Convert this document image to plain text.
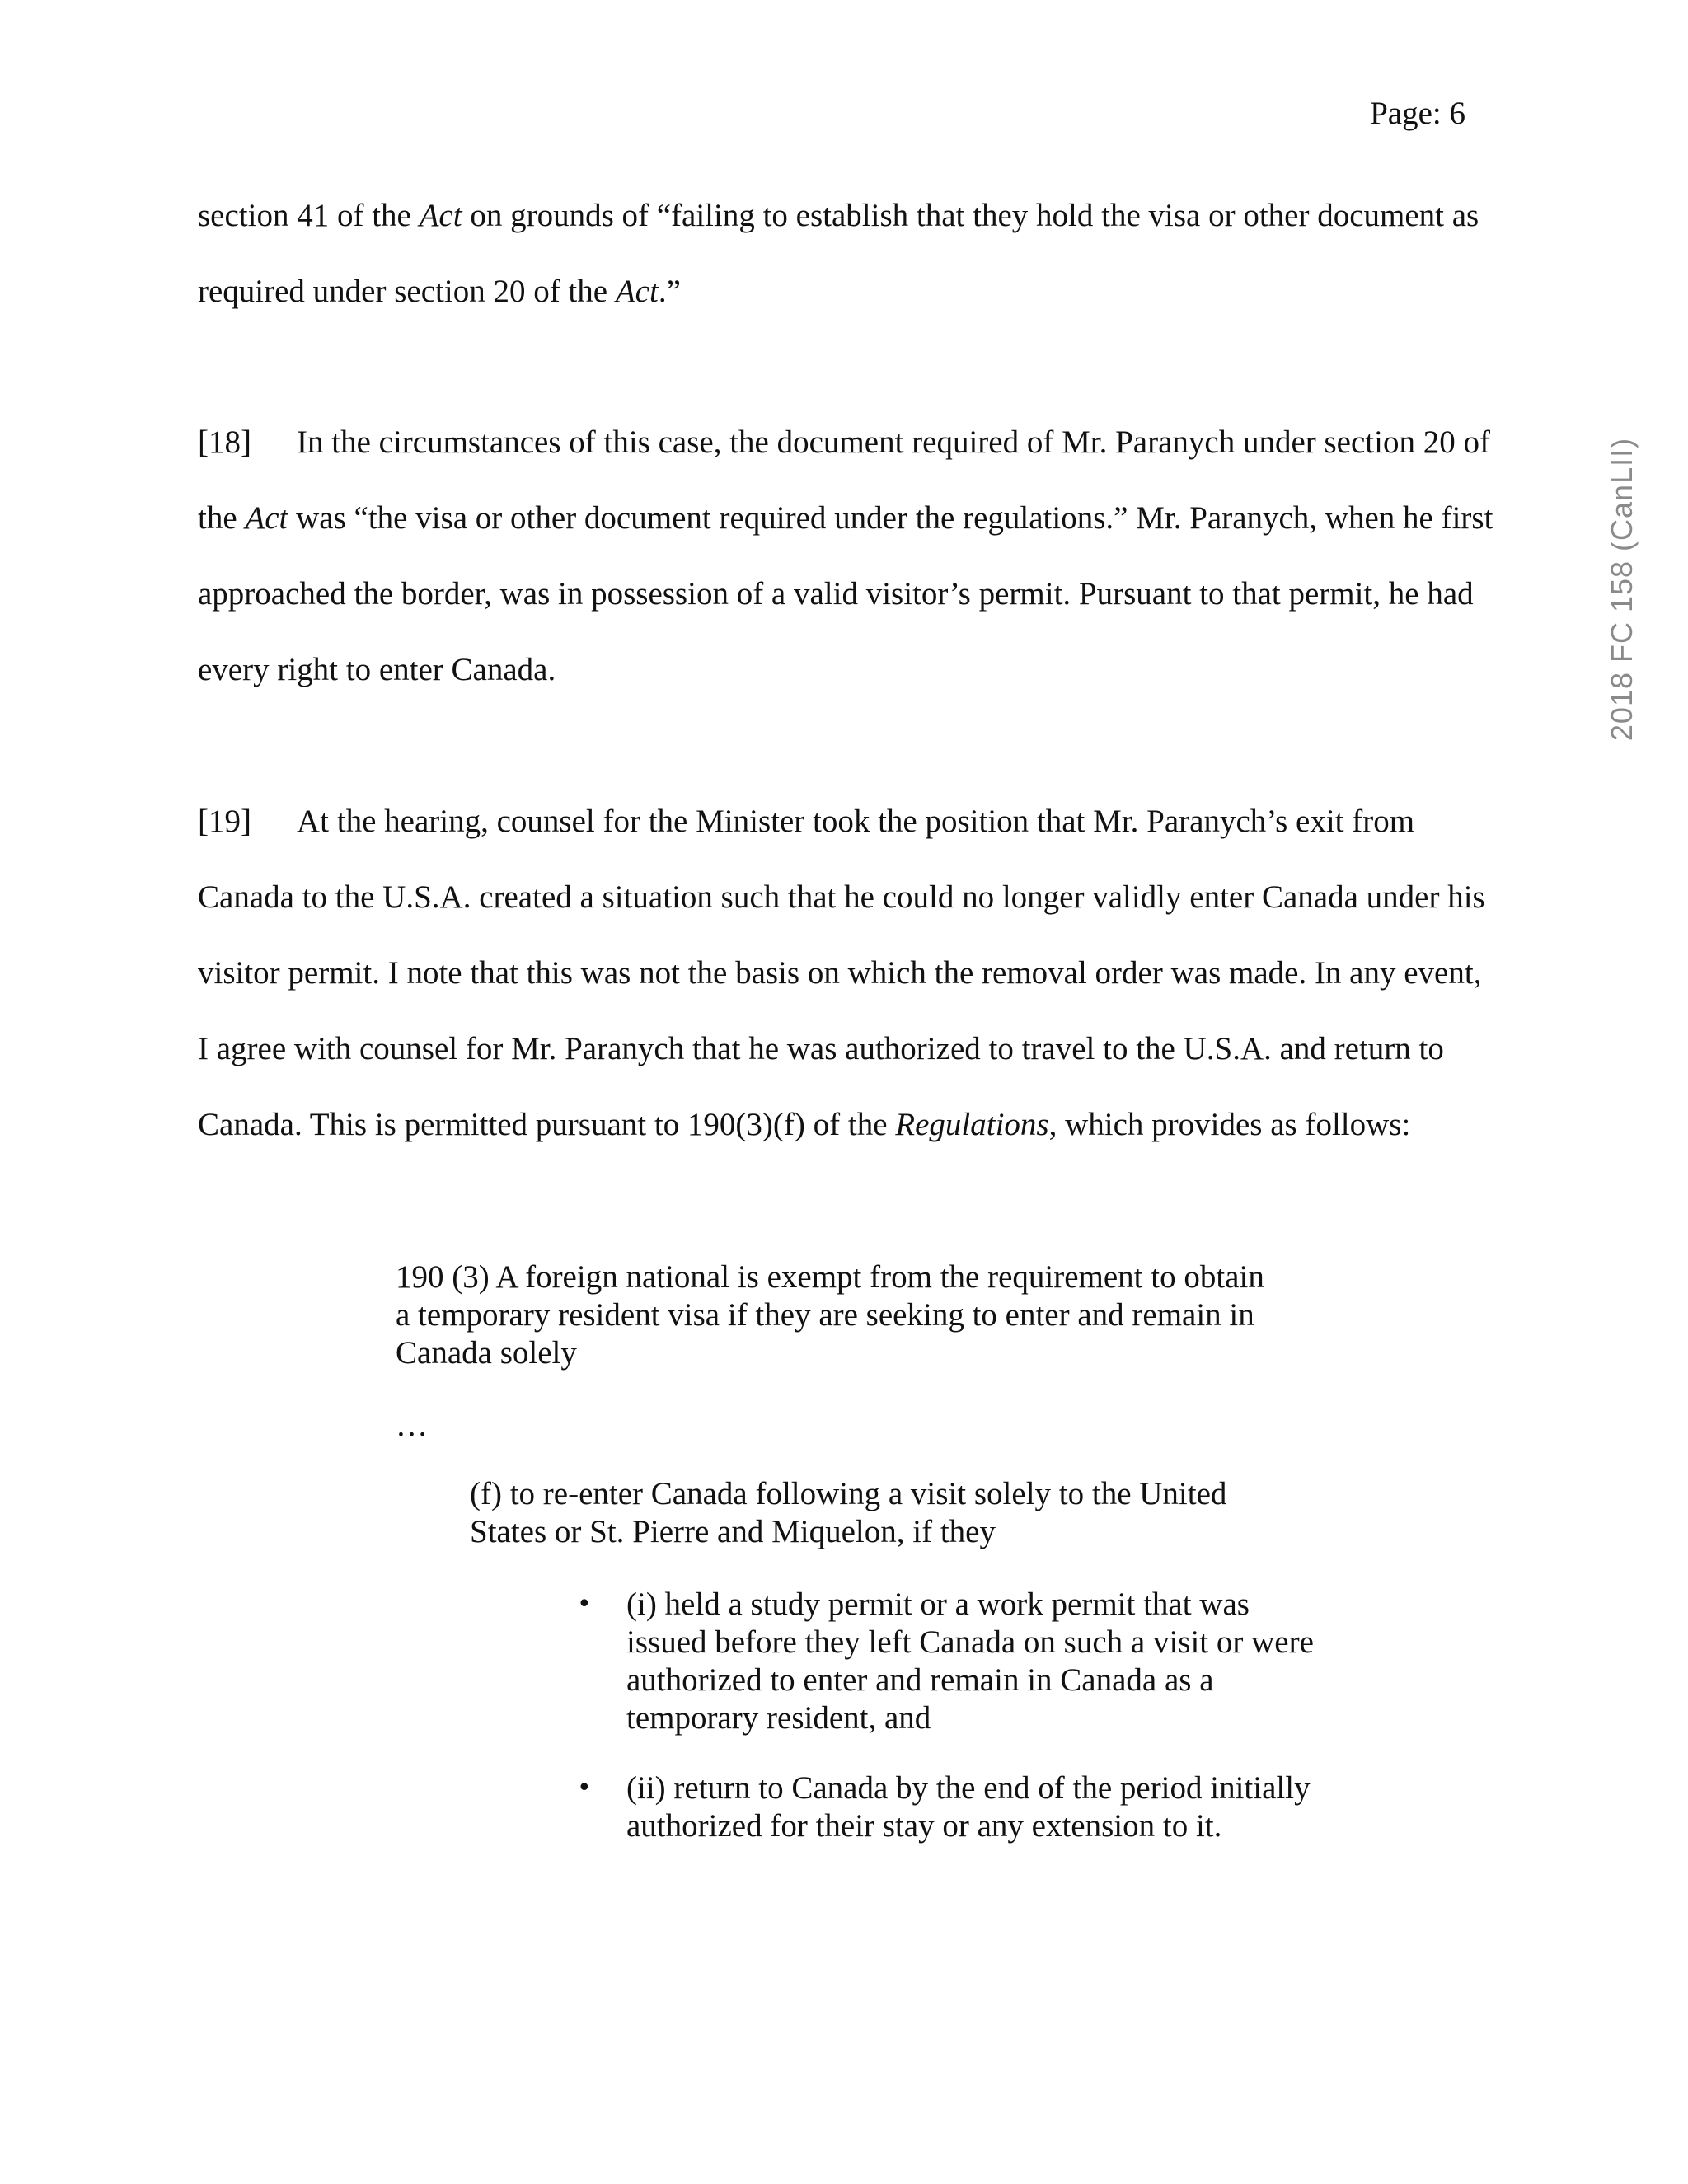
Page: 6
2018 FC 158 (CanLII)

section 41 of the Act on grounds of “failing to establish that they hold the visa or other document as required under section 20 of the Act.”

[18] In the circumstances of this case, the document required of Mr. Paranych under section 20 of the Act was “the visa or other document required under the regulations.” Mr. Paranych, when he first approached the border, was in possession of a valid visitor’s permit. Pursuant to that permit, he had every right to enter Canada.

[19] At the hearing, counsel for the Minister took the position that Mr. Paranych’s exit from Canada to the U.S.A. created a situation such that he could no longer validly enter Canada under his visitor permit. I note that this was not the basis on which the removal order was made. In any event, I agree with counsel for Mr. Paranych that he was authorized to travel to the U.S.A. and return to Canada. This is permitted pursuant to 190(3)(f) of the Regulations, which provides as follows:

190 (3) A foreign national is exempt from the requirement to obtain a temporary resident visa if they are seeking to enter and remain in Canada solely

…

(f) to re-enter Canada following a visit solely to the United States or St. Pierre and Miquelon, if they

•	(i) held a study permit or a work permit that was issued before they left Canada on such a visit or were authorized to enter and remain in Canada as a temporary resident, and
•	(ii) return to Canada by the end of the period initially authorized for their stay or any extension to it.
